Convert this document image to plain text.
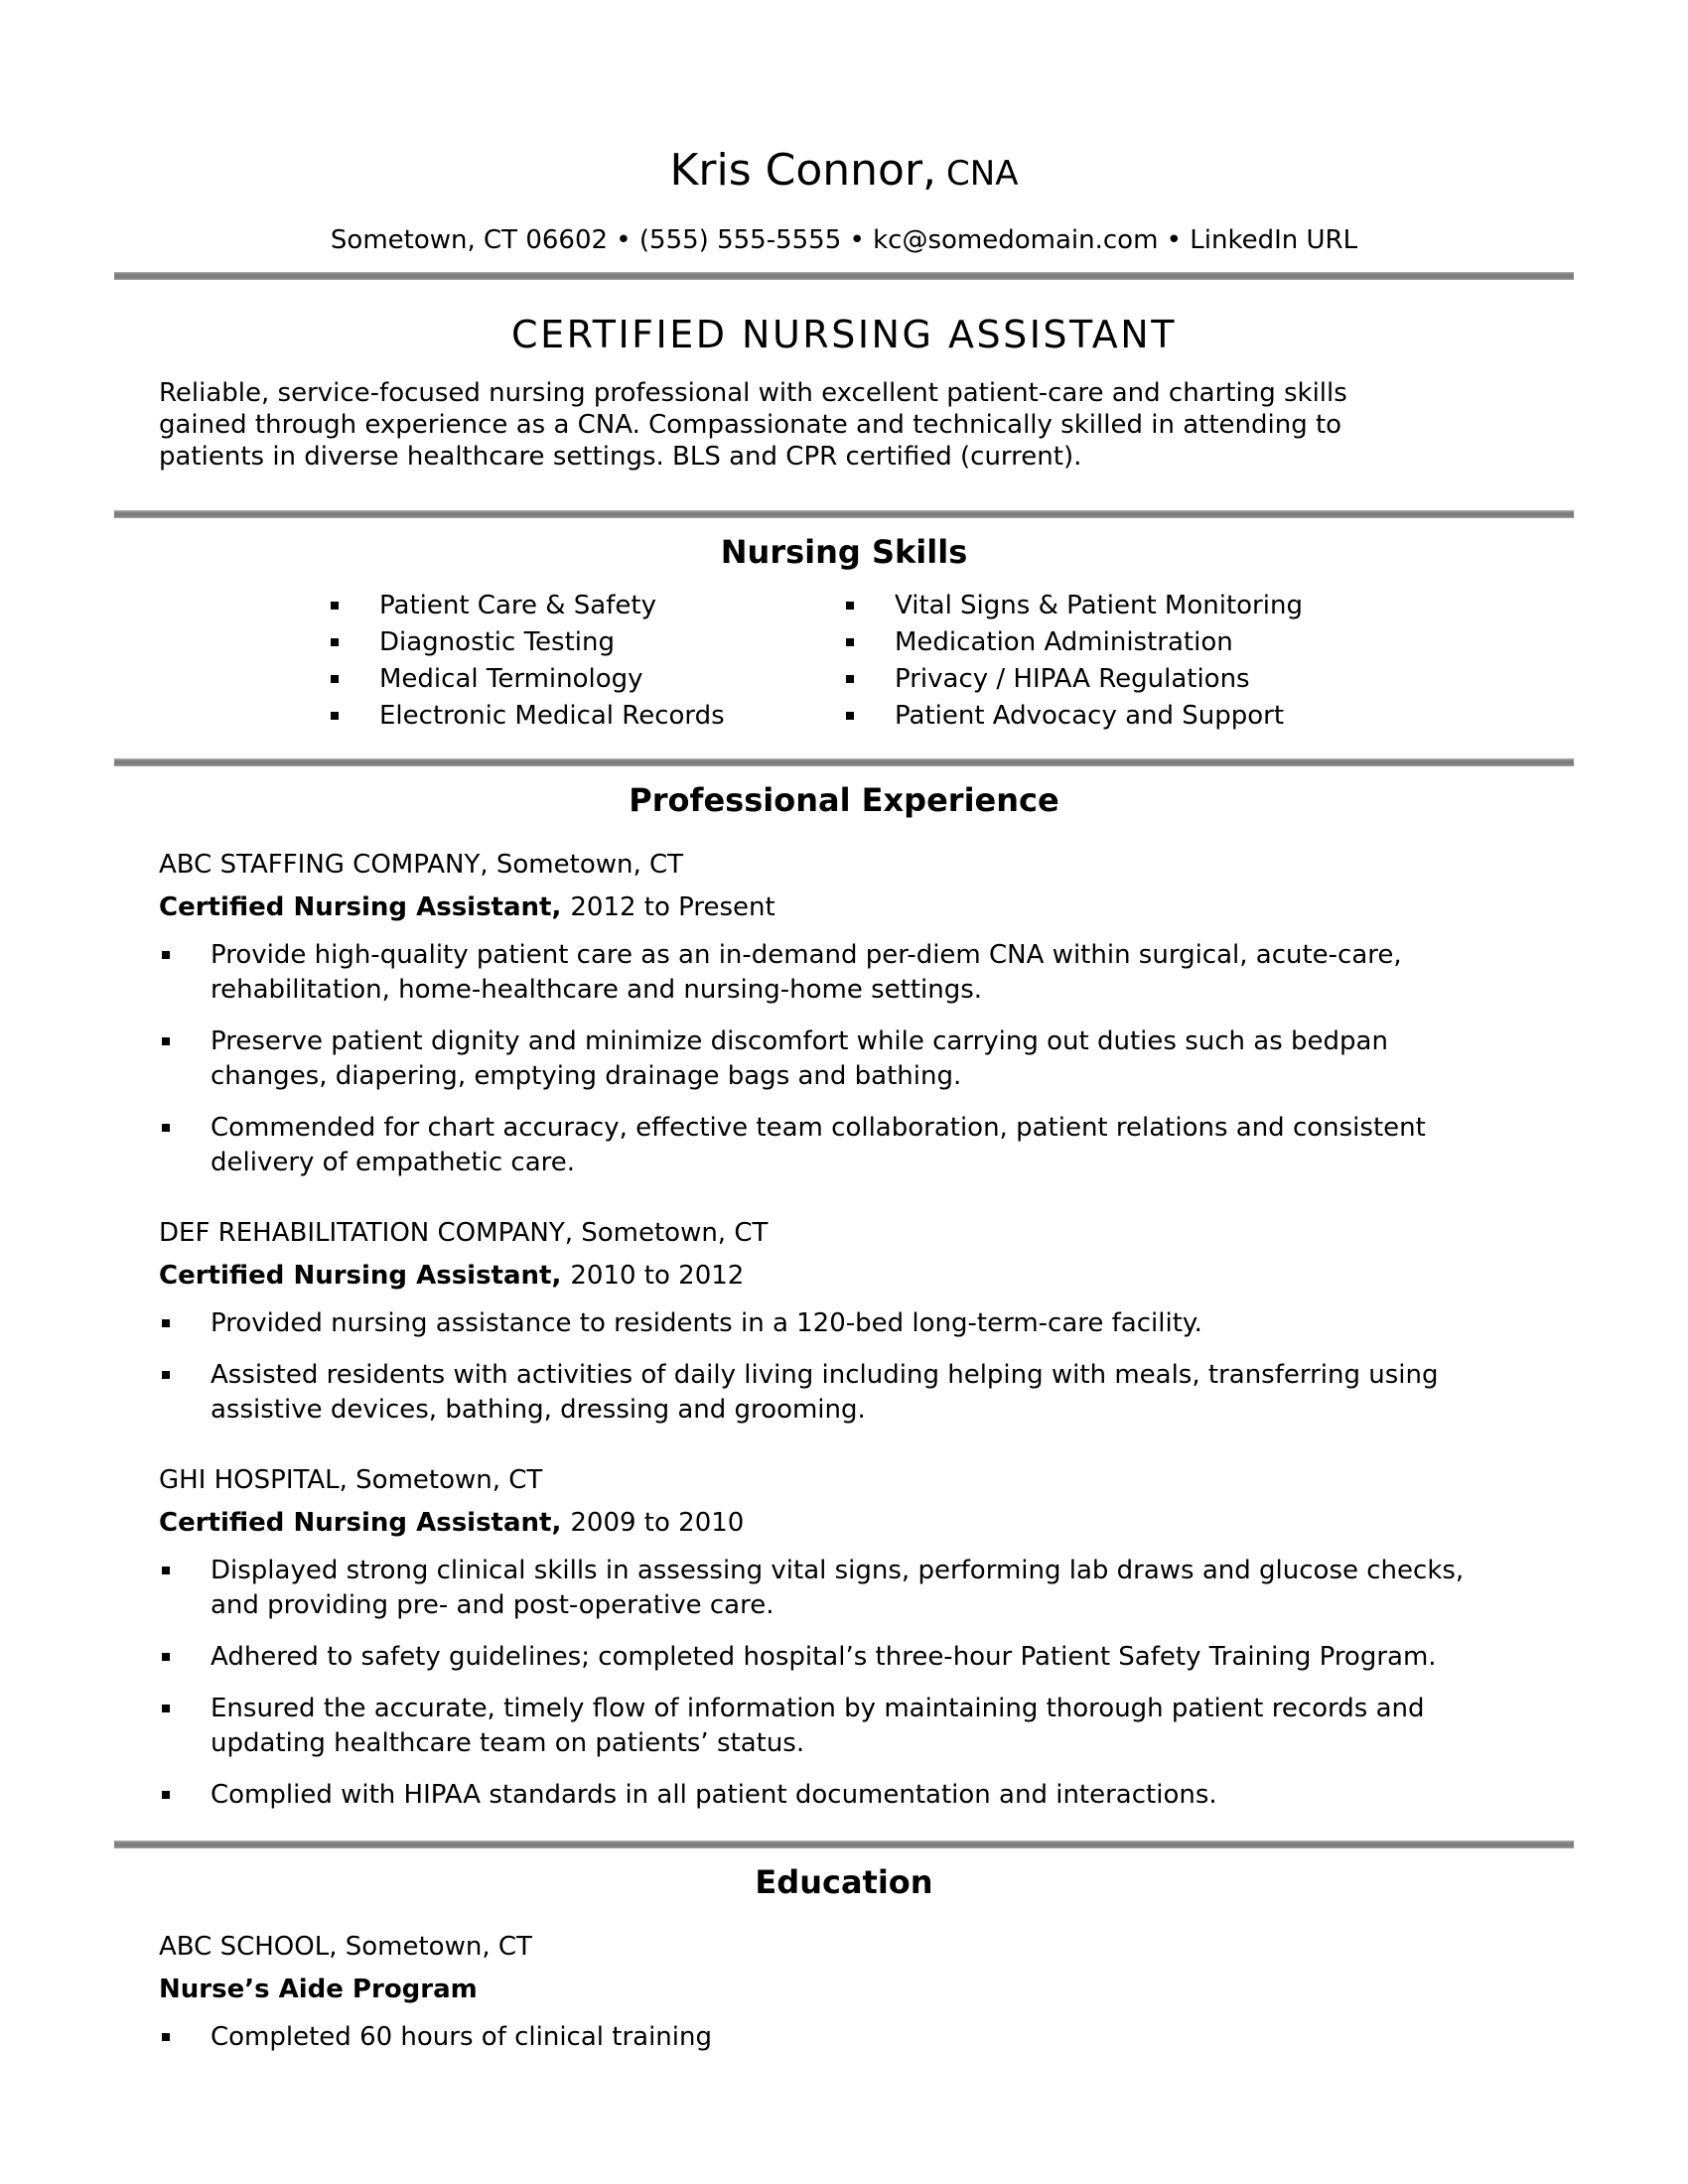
Kris Connor, CNA
Sometown, CT 06602 • (555) 555-5555 • kc@somedomain.com • LinkedIn URL
CERTIFIED NURSING ASSISTANT

Reliable, service-focused nursing professional with excellent patient-care and charting skills gained through experience as a CNA. Compassionate and technically skilled in attending to patients in diverse healthcare settings. BLS and CPR certified (current).

Nursing Skills
Patient Care & Safety
Diagnostic Testing
Medical Terminology
Electronic Medical Records
Vital Signs & Patient Monitoring
Medication Administration
Privacy / HIPAA Regulations
Patient Advocacy and Support
Professional Experience
ABC STAFFING COMPANY, Sometown, CT
Certified Nursing Assistant, 2012 to Present
Provide high-quality patient care as an in-demand per-diem CNA within surgical, acute-care, rehabilitation, home-healthcare and nursing-home settings.
Preserve patient dignity and minimize discomfort while carrying out duties such as bedpan changes, diapering, emptying drainage bags and bathing.
Commended for chart accuracy, effective team collaboration, patient relations and consistent delivery of empathetic care.
DEF REHABILITATION COMPANY, Sometown, CT
Certified Nursing Assistant, 2010 to 2012
Provided nursing assistance to residents in a 120-bed long-term-care facility.
Assisted residents with activities of daily living including helping with meals, transferring using assistive devices, bathing, dressing and grooming.
GHI HOSPITAL, Sometown, CT
Certified Nursing Assistant, 2009 to 2010
Displayed strong clinical skills in assessing vital signs, performing lab draws and glucose checks, and providing pre- and post-operative care.
Adhered to safety guidelines; completed hospital’s three-hour Patient Safety Training Program.
Ensured the accurate, timely flow of information by maintaining thorough patient records and updating healthcare team on patients’ status.
Complied with HIPAA standards in all patient documentation and interactions.
Education
ABC SCHOOL, Sometown, CT
Nurse’s Aide Program
Completed 60 hours of clinical training
